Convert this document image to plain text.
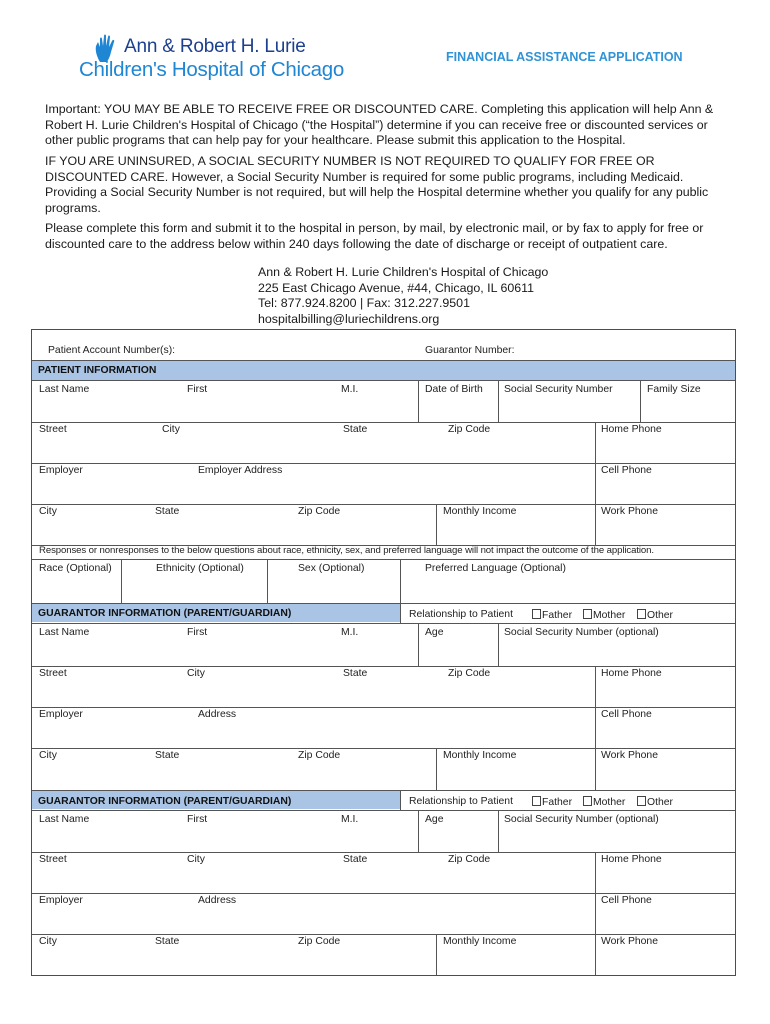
Ann & Robert H. Lurie
Children's Hospital of Chicago
FINANCIAL ASSISTANCE APPLICATION

Important: YOU MAY BE ABLE TO RECEIVE FREE OR DISCOUNTED CARE. Completing this application will help Ann & Robert H. Lurie Children's Hospital of Chicago (“the Hospital”) determine if you can receive free or discounted services or other public programs that can help pay for your healthcare. Please submit this application to the Hospital.

IF YOU ARE UNINSURED, A SOCIAL SECURITY NUMBER IS NOT REQUIRED TO QUALIFY FOR FREE OR DISCOUNTED CARE. However, a Social Security Number is required for some public programs, including Medicaid. Providing a Social Security Number is not required, but will help the Hospital determine whether you qualify for any public programs.

Please complete this form and submit it to the hospital in person, by mail, by electronic mail, or by fax to apply for free or discounted care to the address below within 240 days following the date of discharge or receipt of outpatient care.

Ann & Robert H. Lurie Children's Hospital of Chicago
225 East Chicago Avenue, #44, Chicago, IL 60611
Tel: 877.924.8200 | Fax: 312.227.9501
hospitalbilling@luriechildrens.org
Patient Account Number(s):	Guarantor Number:
PATIENT INFORMATION
Last Name	First	M.I.	Date of Birth Social Security Number	Family Size
Street	City	State	Zip Code	Home Phone
Employer	Employer Address	Cell Phone
City	State	Zip Code	Monthly Income	Work Phone
Responses or nonresponses to the below questions about race, ethnicity, sex, and preferred language will not impact the outcome of the application.
Race (Optional)	Ethnicity (Optional)	Sex (Optional)	Preferred Language (Optional)
GUARANTOR INFORMATION (PARENT/GUARDIAN)	Relationship to Patient	Father	Mother	Other
Last Name	First	M.I.	Age	Social Security Number (optional)
Street	City	State	Zip Code	Home Phone
Employer	Address	Cell Phone
City	State	Zip Code	Monthly Income	Work Phone
GUARANTOR INFORMATION (PARENT/GUARDIAN)	Relationship to Patient	Father	Mother	Other
Last Name	First	M.I.	Age	Social Security Number (optional)
Street	City	State	Zip Code	Home Phone
Employer	Address	Cell Phone
City	State	Zip Code	Monthly Income	Work Phone
